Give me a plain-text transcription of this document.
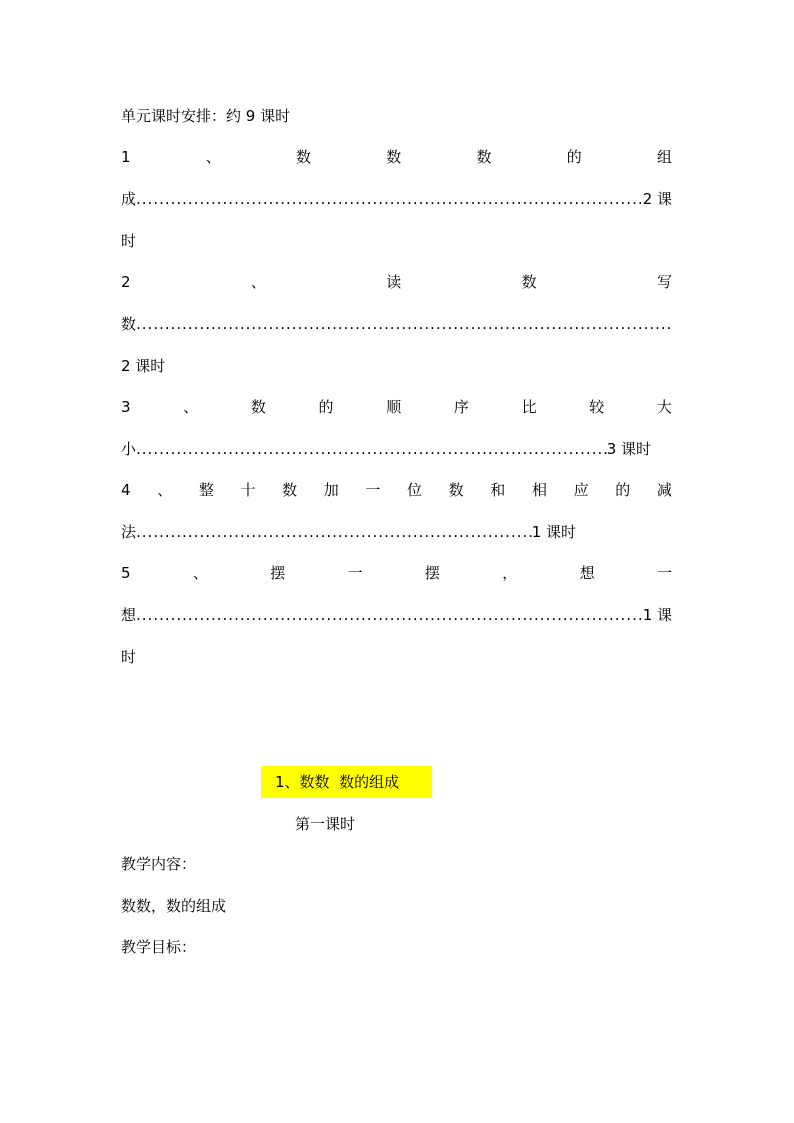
单元课时安排：约 9 课时
1	、	数	数	数	的	组
成 .....	2 课
时
2	、	读	数	写
数
.....
2 课时
3	、	数	的	顺	序	比	较	大
小 .....	3 课时
4 、 整 十 数 加 一 位 数 和 相 应 的 减
法 .....	1 课时
5	、	摆	一	摆	，	想	一
想 .....	1 课
时
1、数数  数的组成
第一课时
教学内容：
数数，数的组成
教学目标：
